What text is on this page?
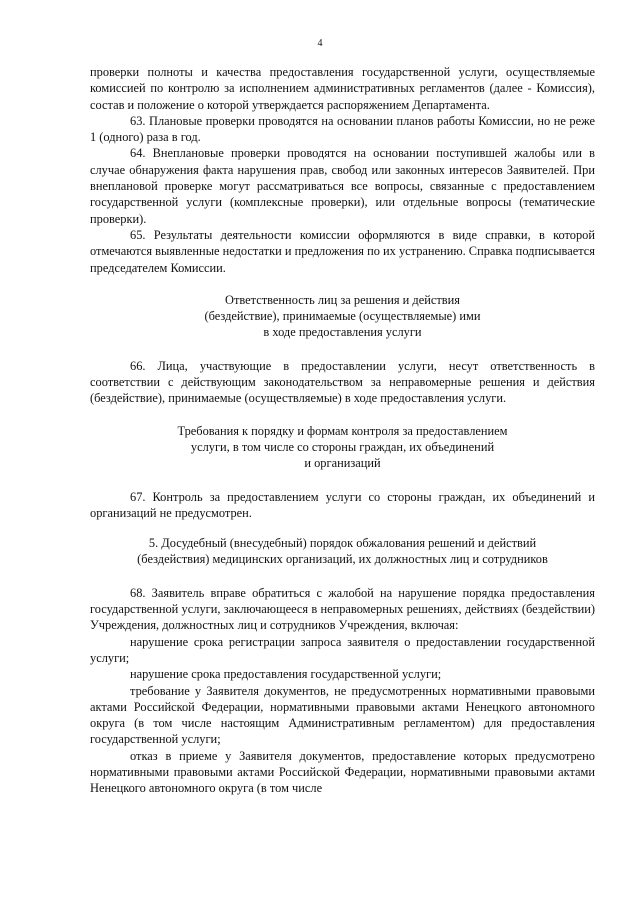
4

проверки полноты и качества предоставления государственной услуги, осуществляемые комиссией по контролю за исполнением административных регламентов (далее - Комиссия), состав и положение о которой утверждается распоряжением Департамента.

63. Плановые проверки проводятся на основании планов работы Комиссии, но не реже 1 (одного) раза в год.

64. Внеплановые проверки проводятся на основании поступившей жалобы или в случае обнаружения факта нарушения прав, свобод или законных интересов Заявителей. При внеплановой проверке могут рассматриваться все вопросы, связанные с предоставлением государственной услуги (комплексные проверки), или отдельные вопросы (тематические проверки).

65. Результаты деятельности комиссии оформляются в виде справки, в которой отмечаются выявленные недостатки и предложения по их устранению. Справка подписывается председателем Комиссии.

Ответственность лиц за решения и действия
(бездействие), принимаемые (осуществляемые) ими
в ходе предоставления услуги

66. Лица, участвующие в предоставлении услуги, несут ответственность в соответствии с действующим законодательством за неправомерные решения и действия (бездействие), принимаемые (осуществляемые) в ходе предоставления услуги.

Требования к порядку и формам контроля за предоставлением
услуги, в том числе со стороны граждан, их объединений
и организаций

67. Контроль за предоставлением услуги со стороны граждан, их объединений и организаций не предусмотрен.

5. Досудебный (внесудебный) порядок обжалования решений и действий
(бездействия) медицинских организаций, их должностных лиц и сотрудников

68. Заявитель вправе обратиться с жалобой на нарушение порядка предоставления государственной услуги, заключающееся в неправомерных решениях, действиях (бездействии) Учреждения, должностных лиц и сотрудников Учреждения, включая:

нарушение срока регистрации запроса заявителя о предоставлении государственной услуги;

нарушение срока предоставления государственной услуги;

требование у Заявителя документов, не предусмотренных нормативными правовыми актами Российской Федерации, нормативными правовыми актами Ненецкого автономного округа (в том числе настоящим Административным регламентом) для предоставления государственной услуги;

отказ в приеме у Заявителя документов, предоставление которых предусмотрено нормативными правовыми актами Российской Федерации, нормативными правовыми актами Ненецкого автономного округа (в том числе
